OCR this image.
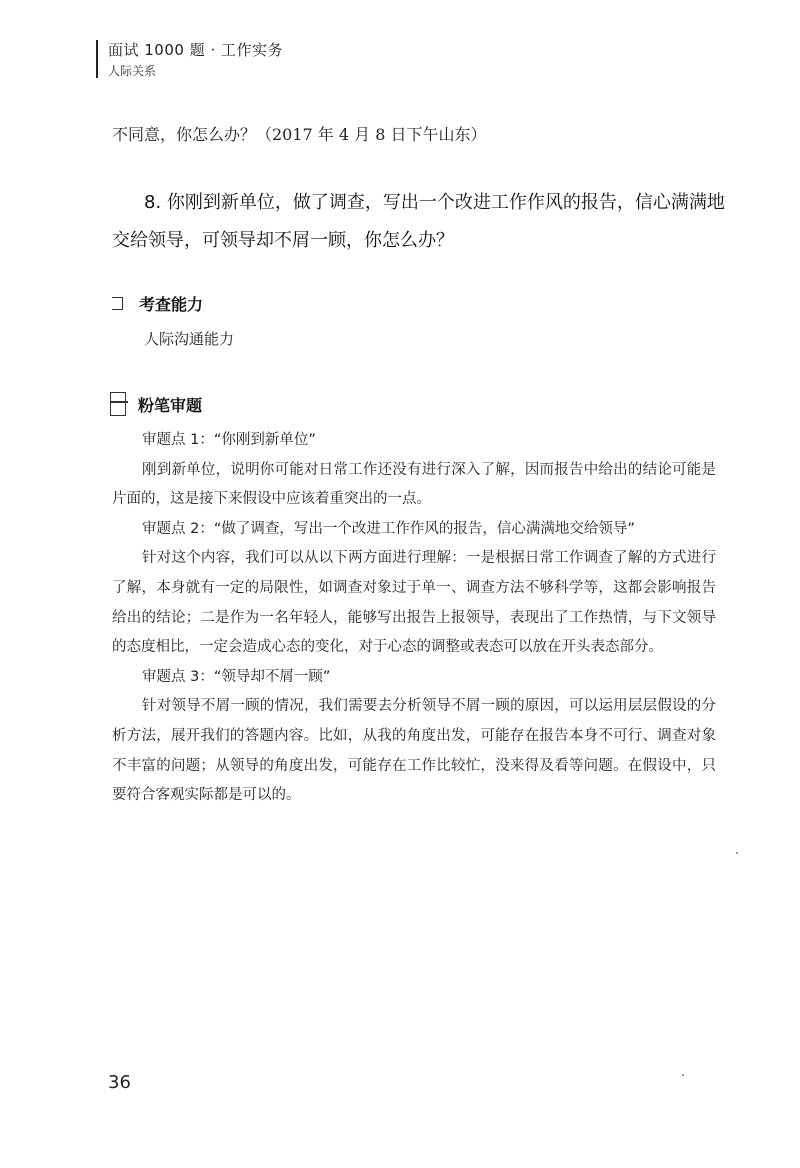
面试 1000 题 · 工作实务
人际关系
不同意，你怎么办？（2017 年 4 月 8 日下午山东）
8. 你刚到新单位，做了调查，写出一个改进工作作风的报告，信心满满地交给领导，可领导却不屑一顾，你怎么办？
考查能力
人际沟通能力
粉笔审题

审题点 1：“你刚到新单位”

刚到新单位，说明你可能对日常工作还没有进行深入了解，因而报告中给出的结论可能是片面的，这是接下来假设中应该着重突出的一点。

审题点 2：“做了调查，写出一个改进工作作风的报告，信心满满地交给领导”

针对这个内容，我们可以从以下两方面进行理解：一是根据日常工作调查了解的方式进行了解，本身就有一定的局限性，如调查对象过于单一、调查方法不够科学等，这都会影响报告给出的结论；二是作为一名年轻人，能够写出报告上报领导，表现出了工作热情，与下文领导的态度相比，一定会造成心态的变化，对于心态的调整或表态可以放在开头表态部分。

审题点 3：“领导却不屑一顾”

针对领导不屑一顾的情况，我们需要去分析领导不屑一顾的原因，可以运用层层假设的分析方法，展开我们的答题内容。比如，从我的角度出发，可能存在报告本身不可行、调查对象不丰富的问题；从领导的角度出发，可能存在工作比较忙，没来得及看等问题。在假设中，只要符合客观实际都是可以的。

36
